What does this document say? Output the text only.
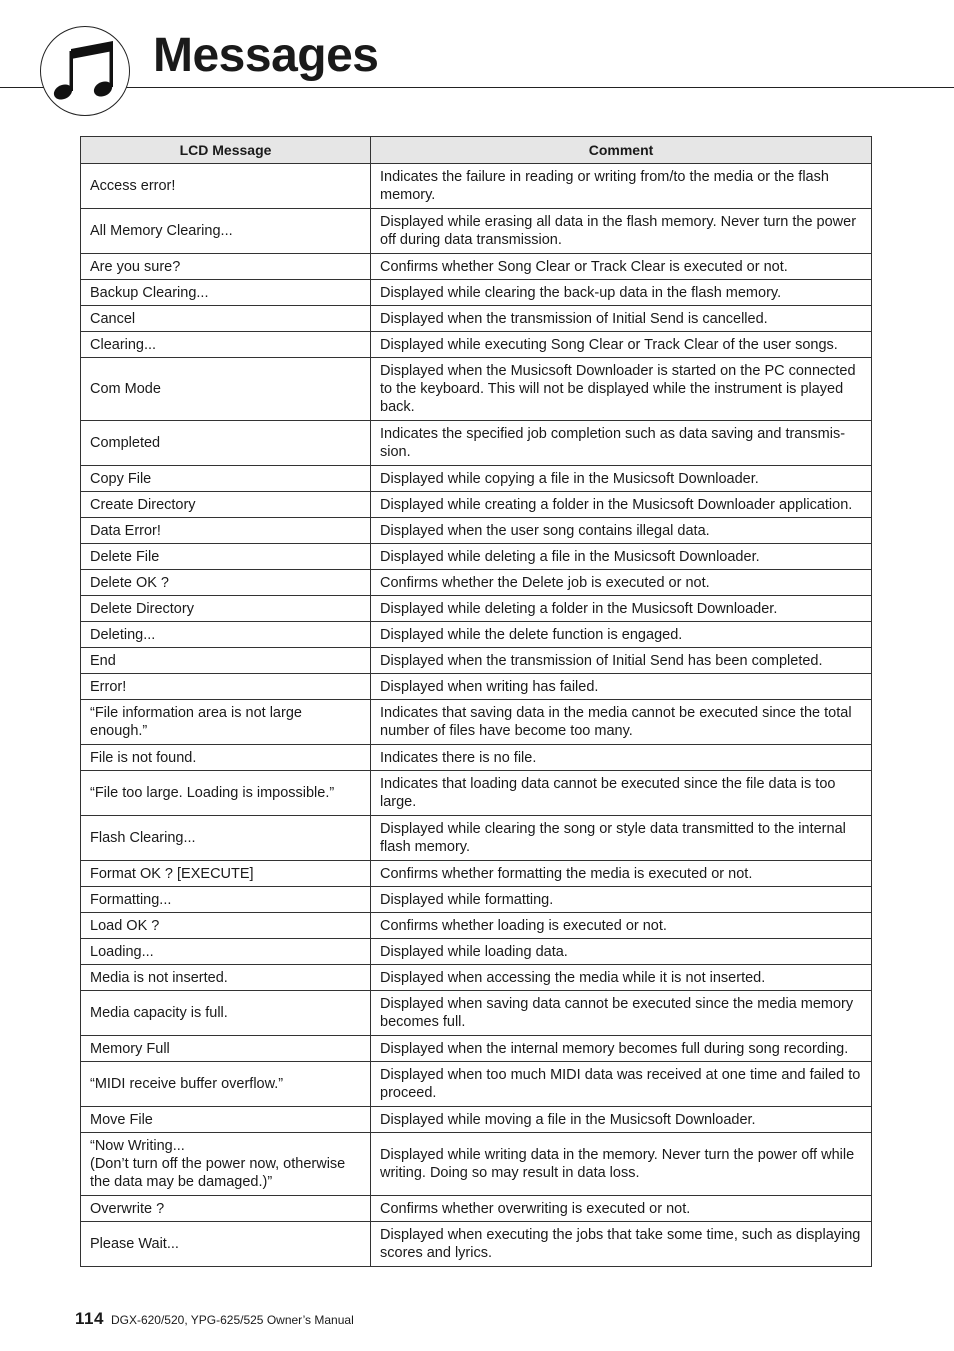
Messages
LCD Message	Comment
Access error!	Indicates the failure in reading or writing from/to the media or the flash memory.
All Memory Clearing...	Displayed while erasing all data in the flash memory. Never turn the power off during data transmission.
Are you sure?	Confirms whether Song Clear or Track Clear is executed or not.
Backup Clearing...	Displayed while clearing the back-up data in the flash memory.
Cancel	Displayed when the transmission of Initial Send is cancelled.
Clearing...	Displayed while executing Song Clear or Track Clear of the user songs.
Com Mode	Displayed when the Musicsoft Downloader is started on the PC connected to the keyboard. This will not be displayed while the instrument is played back.
Completed	Indicates the specified job completion such as data saving and transmis-sion.
Copy File	Displayed while copying a file in the Musicsoft Downloader.
Create Directory	Displayed while creating a folder in the Musicsoft Downloader application.
Data Error!	Displayed when the user song contains illegal data.
Delete File	Displayed while deleting a file in the Musicsoft Downloader.
Delete OK ?	Confirms whether the Delete job is executed or not.
Delete Directory	Displayed while deleting a folder in the Musicsoft Downloader.
Deleting...	Displayed while the delete function is engaged.
End	Displayed when the transmission of Initial Send has been completed.
Error!	Displayed when writing has failed.
“File information area is not large enough.”	Indicates that saving data in the media cannot be executed since the total number of files have become too many.
File is not found.	Indicates there is no file.
“File too large. Loading is impossible.”	Indicates that loading data cannot be executed since the file data is too large.
Flash Clearing...	Displayed while clearing the song or style data transmitted to the internal flash memory.
Format OK ? [EXECUTE]	Confirms whether formatting the media is executed or not.
Formatting...	Displayed while formatting.
Load OK ?	Confirms whether loading is executed or not.
Loading...	Displayed while loading data.
Media is not inserted.	Displayed when accessing the media while it is not inserted.
Media capacity is full.	Displayed when saving data cannot be executed since the media memory becomes full.
Memory Full	Displayed when the internal memory becomes full during song recording.
“MIDI receive buffer overflow.”	Displayed when too much MIDI data was received at one time and failed to proceed.
Move File	Displayed while moving a file in the Musicsoft Downloader.
“Now Writing...
(Don’t turn off the power now, otherwise the data may be damaged.)”	Displayed while writing data in the memory. Never turn the power off while writing. Doing so may result in data loss.
Overwrite ?	Confirms whether overwriting is executed or not.
Please Wait...	Displayed when executing the jobs that take some time, such as displaying scores and lyrics.
114 DGX-620/520, YPG-625/525 Owner’s Manual
